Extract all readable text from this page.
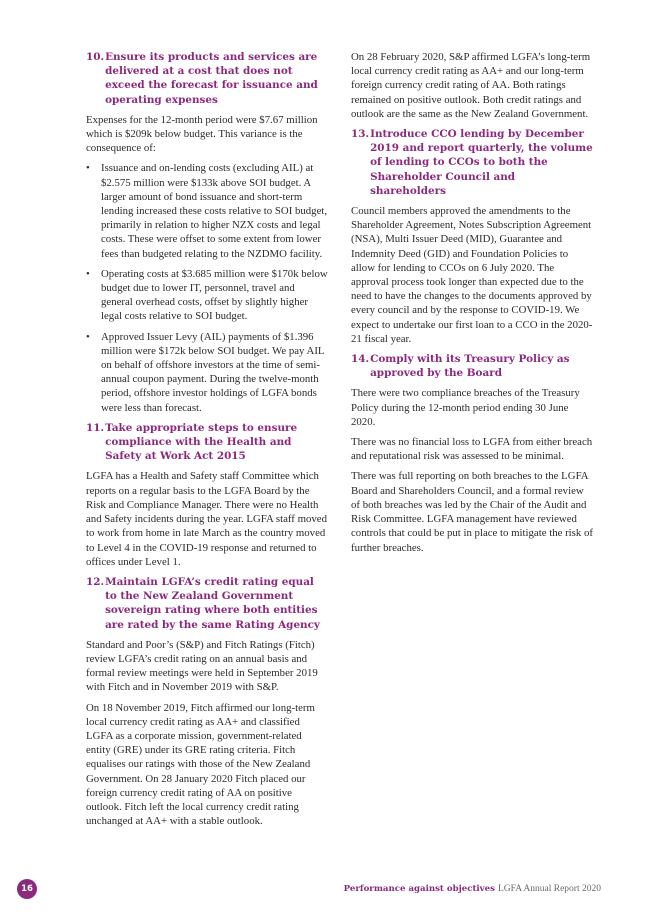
10. Ensure its products and services are delivered at a cost that does not exceed the forecast for issuance and operating expenses

Expenses for the 12-month period were $7.67 million which is $209k below budget. This variance is the consequence of:

• Issuance and on-lending costs (excluding AIL) at $2.575 million were $133k above SOI budget. A larger amount of bond issuance and short-term lending increased these costs relative to SOI budget, primarily in relation to higher NZX costs and legal costs. These were offset to some extent from lower fees than budgeted relating to the NZDMO facility.
• Operating costs at $3.685 million were $170k below budget due to lower IT, personnel, travel and general overhead costs, offset by slightly higher legal costs relative to SOI budget.
• Approved Issuer Levy (AIL) payments of $1.396 million were $172k below SOI budget. We pay AIL on behalf of offshore investors at the time of semi-annual coupon payment. During the twelve-month period, offshore investor holdings of LGFA bonds were less than forecast.
11. Take appropriate steps to ensure compliance with the Health and Safety at Work Act 2015

LGFA has a Health and Safety staff Committee which reports on a regular basis to the LGFA Board by the Risk and Compliance Manager. There were no Health and Safety incidents during the year. LGFA staff moved to work from home in late March as the country moved to Level 4 in the COVID-19 response and returned to offices under Level 1.

12. Maintain LGFA’s credit rating equal to the New Zealand Government sovereign rating where both entities are rated by the same Rating Agency

Standard and Poor’s (S&P) and Fitch Ratings (Fitch) review LGFA’s credit rating on an annual basis and formal review meetings were held in September 2019 with Fitch and in November 2019 with S&P.

On 18 November 2019, Fitch affirmed our long-term local currency credit rating as AA+ and classified LGFA as a corporate mission, government-related entity (GRE) under its GRE rating criteria. Fitch equalises our ratings with those of the New Zealand Government. On 28 January 2020 Fitch placed our foreign currency credit rating of AA on positive outlook. Fitch left the local currency credit rating unchanged at AA+ with a stable outlook.

On 28 February 2020, S&P affirmed LGFA’s long-term local currency credit rating as AA+ and our long-term foreign currency credit rating of AA. Both ratings remained on positive outlook. Both credit ratings and outlook are the same as the New Zealand Government.

13. Introduce CCO lending by December 2019 and report quarterly, the volume of lending to CCOs to both the Shareholder Council and shareholders

Council members approved the amendments to the Shareholder Agreement, Notes Subscription Agreement (NSA), Multi Issuer Deed (MID), Guarantee and Indemnity Deed (GID) and Foundation Policies to allow for lending to CCOs on 6 July 2020. The approval process took longer than expected due to the need to have the changes to the documents approved by every council and by the response to COVID-19. We expect to undertake our first loan to a CCO in the 2020-21 fiscal year.

14. Comply with its Treasury Policy as approved by the Board

There were two compliance breaches of the Treasury Policy during the 12-month period ending 30 June 2020.

There was no financial loss to LGFA from either breach and reputational risk was assessed to be minimal.

There was full reporting on both breaches to the LGFA Board and Shareholders Council, and a formal review of both breaches was led by the Chair of the Audit and Risk Committee. LGFA management have reviewed controls that could be put in place to mitigate the risk of further breaches.

16	Performance against objectives LGFA Annual Report 2020
